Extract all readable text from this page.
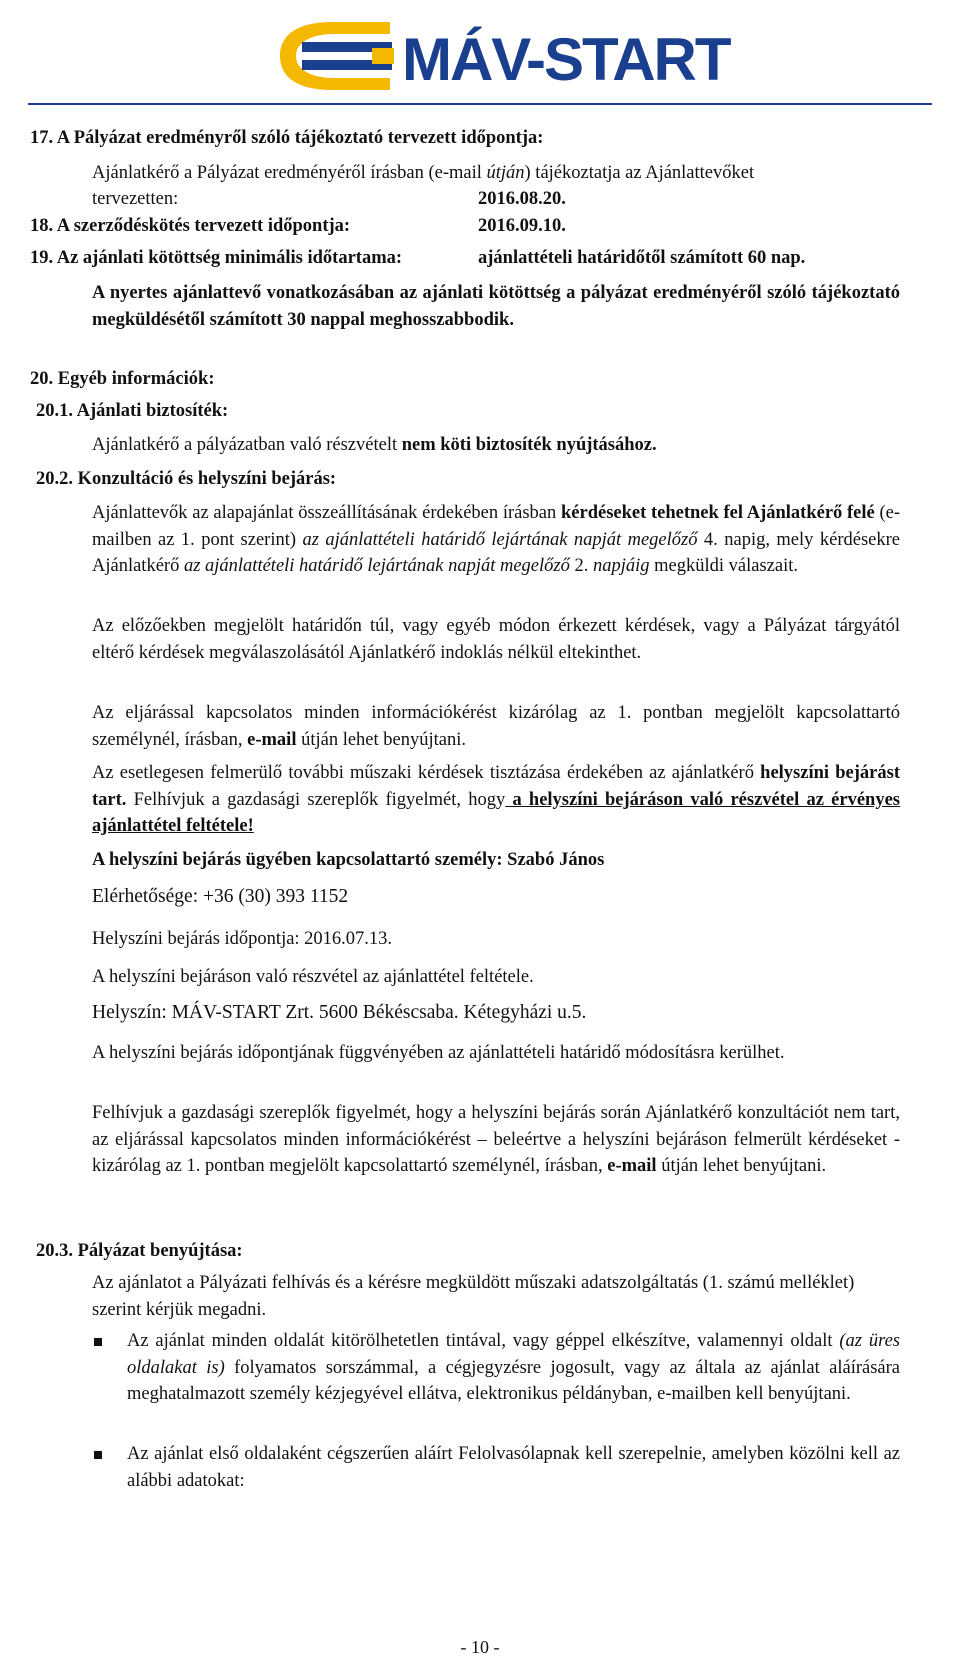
MÁV-START

17. A Pályázat eredményről szóló tájékoztató tervezett időpontja:

Ajánlatkérő a Pályázat eredményéről írásban (e-mail útján) tájékoztatja az Ajánlattevőket

tervezetten:	2016.08.20.

18. A szerződéskötés tervezett időpontja:	2016.09.10.

19. Az ajánlati kötöttség minimális időtartama:	ajánlattételi határidőtől számított 60 nap.

A nyertes ajánlattevő vonatkozásában az ajánlati kötöttség a pályázat eredményéről szóló tájékoztató megküldésétől számított 30 nappal meghosszabbodik.

20. Egyéb információk:

20.1. Ajánlati biztosíték:

Ajánlatkérő a pályázatban való részvételt nem köti biztosíték nyújtásához.

20.2. Konzultáció és helyszíni bejárás:

Ajánlattevők az alapajánlat összeállításának érdekében írásban kérdéseket tehetnek fel Ajánlatkérő felé (e-mailben az 1. pont szerint) az ajánlattételi határidő lejártának napját megelőző 4. napig, mely kérdésekre Ajánlatkérő az ajánlattételi határidő lejártának napját megelőző 2. napjáig megküldi válaszait.

Az előzőekben megjelölt határidőn túl, vagy egyéb módon érkezett kérdések, vagy a Pályázat tárgyától eltérő kérdések megválaszolásától Ajánlatkérő indoklás nélkül eltekinthet.

Az eljárással kapcsolatos minden információkérést kizárólag az 1. pontban megjelölt kapcsolattartó személynél, írásban, e-mail útján lehet benyújtani.

Az esetlegesen felmerülő további műszaki kérdések tisztázása érdekében az ajánlatkérő helyszíni bejárást tart. Felhívjuk a gazdasági szereplők figyelmét, hogy a helyszíni bejáráson való részvétel az érvényes ajánlattétel feltétele!

A helyszíni bejárás ügyében kapcsolattartó személy: Szabó János

Elérhetősége: +36 (30) 393 1152

Helyszíni bejárás időpontja: 2016.07.13.

A helyszíni bejáráson való részvétel az ajánlattétel feltétele.

Helyszín: MÁV-START Zrt. 5600 Békéscsaba. Kétegyházi u.5.

A helyszíni bejárás időpontjának függvényében az ajánlattételi határidő módosításra kerülhet.

Felhívjuk a gazdasági szereplők figyelmét, hogy a helyszíni bejárás során Ajánlatkérő konzultációt nem tart, az eljárással kapcsolatos minden információkérést – beleértve a helyszíni bejáráson felmerült kérdéseket - kizárólag az 1. pontban megjelölt kapcsolattartó személynél, írásban, e-mail útján lehet benyújtani.

20.3. Pályázat benyújtása:

Az ajánlatot a Pályázati felhívás és a kérésre megküldött műszaki adatszolgáltatás (1. számú melléklet) szerint kérjük megadni.

Az ajánlat minden oldalát kitörölhetetlen tintával, vagy géppel elkészítve, valamennyi oldalt (az üres oldalakat is) folyamatos sorszámmal, a cégjegyzésre jogosult, vagy az általa az ajánlat aláírására meghatalmazott személy kézjegyével ellátva, elektronikus példányban, e-mailben kell benyújtani.

Az ajánlat első oldalaként cégszerűen aláírt Felolvasólapnak kell szerepelnie, amelyben közölni kell az alábbi adatokat:

- 10 -
